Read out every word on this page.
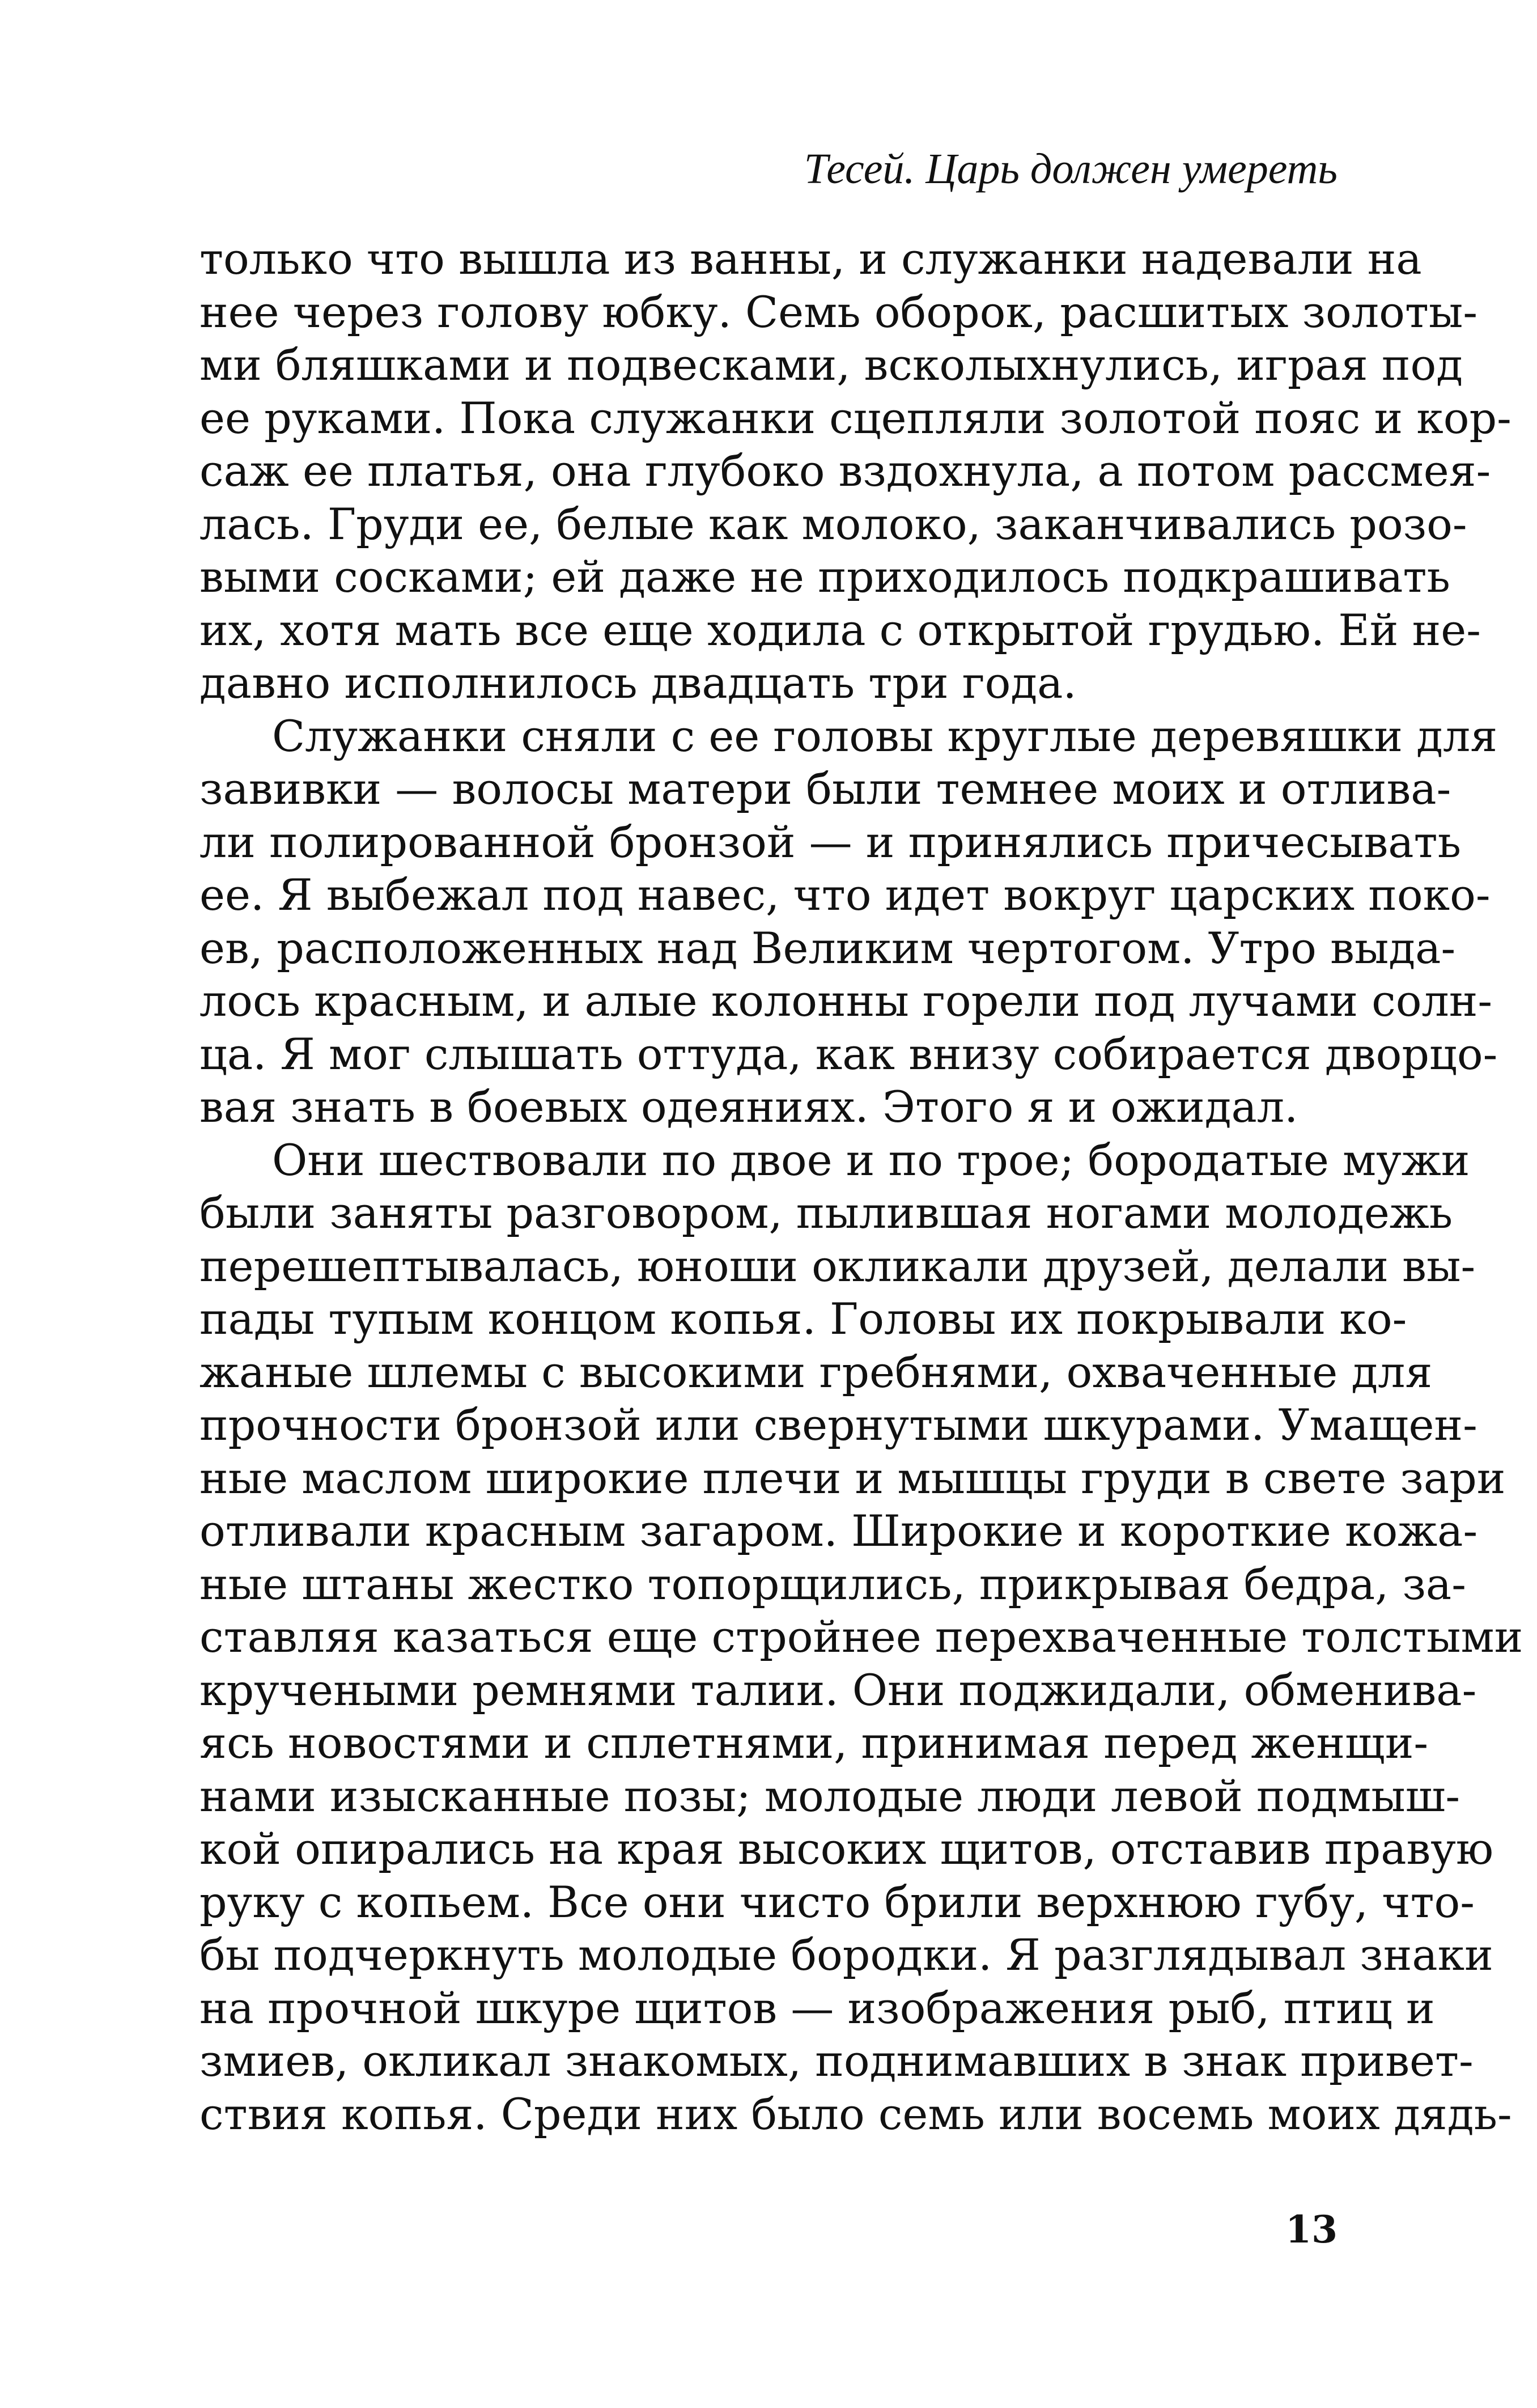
Тесей. Царь должен умереть
только что вышла из ванны, и служанки надевали на
нее через голову юбку. Семь оборок, расшитых золоты-
ми бляшками и подвесками, всколыхнулись, играя под
ее руками. Пока служанки сцепляли золотой пояс и кор-
саж ее платья, она глубоко вздохнула, а потом рассмея-
лась. Груди ее, белые как молоко, заканчивались розо-
выми сосками; ей даже не приходилось подкрашивать
их, хотя мать все еще ходила с открытой грудью. Ей не-
давно исполнилось двадцать три года.
Служанки сняли с ее головы круглые деревяшки для
завивки — волосы матери были темнее моих и отлива-
ли полированной бронзой — и принялись причесывать
ее. Я выбежал под навес, что идет вокруг царских поко-
ев, расположенных над Великим чертогом. Утро выда-
лось красным, и алые колонны горели под лучами солн-
ца. Я мог слышать оттуда, как внизу собирается дворцо-
вая знать в боевых одеяниях. Этого я и ожидал.
Они шествовали по двое и по трое; бородатые мужи
были заняты разговором, пылившая ногами молодежь
перешептывалась, юноши окликали друзей, делали вы-
пады тупым концом копья. Головы их покрывали ко-
жаные шлемы с высокими гребнями, охваченные для
прочности бронзой или свернутыми шкурами. Умащен-
ные маслом широкие плечи и мышцы груди в свете зари
отливали красным загаром. Широкие и короткие кожа-
ные штаны жестко топорщились, прикрывая бедра, за-
ставляя казаться еще стройнее перехваченные толстыми
кручеными ремнями талии. Они поджидали, обменива-
ясь новостями и сплетнями, принимая перед женщи-
нами изысканные позы; молодые люди левой подмыш-
кой опирались на края высоких щитов, отставив правую
руку с копьем. Все они чисто брили верхнюю губу, что-
бы подчеркнуть молодые бородки. Я разглядывал знаки
на прочной шкуре щитов — изображения рыб, птиц и
змиев, окликал знакомых, поднимавших в знак привет-
ствия копья. Среди них было семь или восемь моих дядь-
13
